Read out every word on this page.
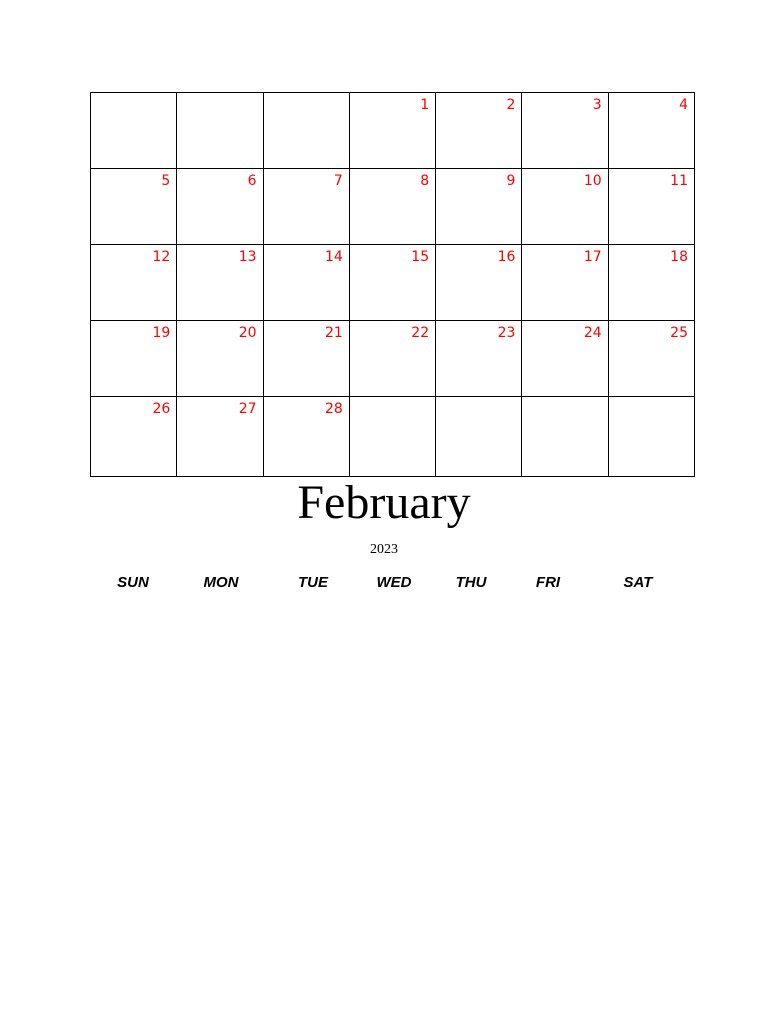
			1	2	3	4
5	6	7	8	9	10	11
12	13	14	15	16	17	18
19	20	21	22	23	24	25
26	27	28				
February
2023
SUN	MON	TUE	WED	THU	FRI	SAT
